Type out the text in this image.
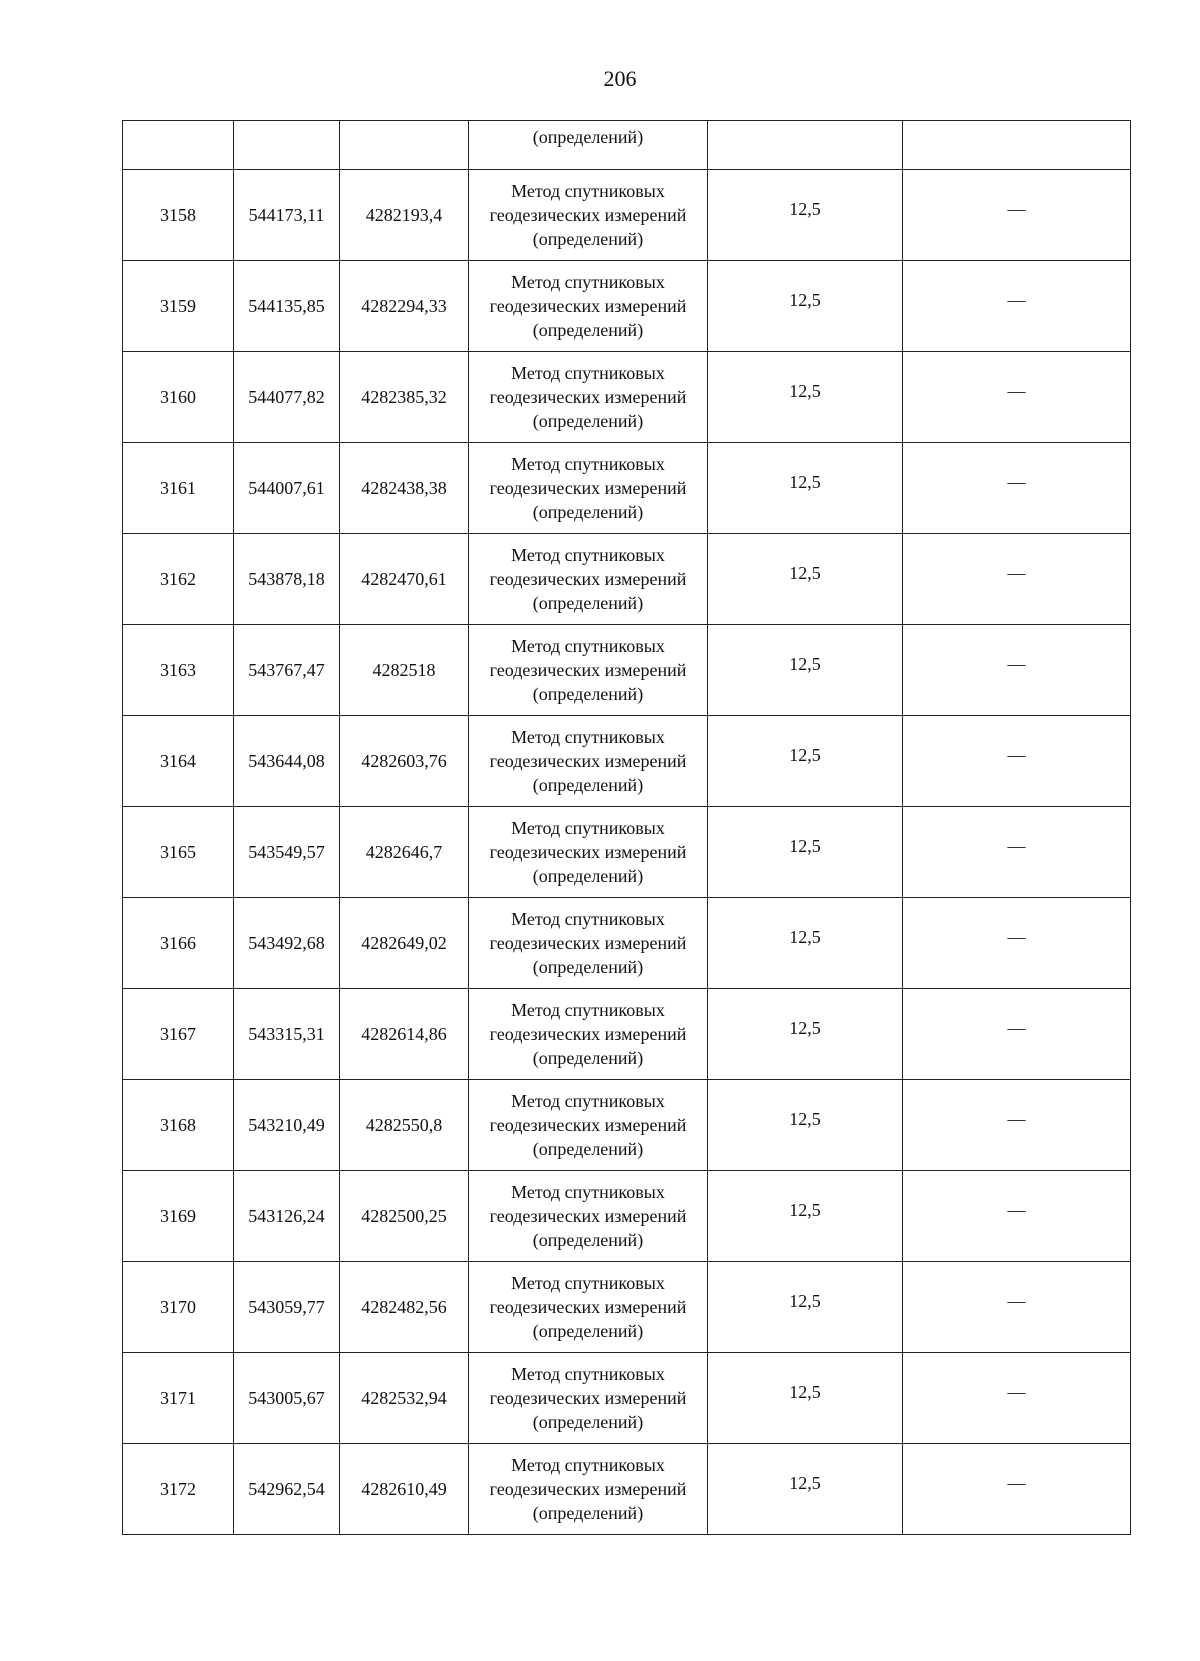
206
			(определений)		
3158	544173,11	4282193,4	Метод спутниковых
геодезических измерений
(определений)	12,5	—
3159	544135,85	4282294,33	Метод спутниковых
геодезических измерений
(определений)	12,5	—
3160	544077,82	4282385,32	Метод спутниковых
геодезических измерений
(определений)	12,5	—
3161	544007,61	4282438,38	Метод спутниковых
геодезических измерений
(определений)	12,5	—
3162	543878,18	4282470,61	Метод спутниковых
геодезических измерений
(определений)	12,5	—
3163	543767,47	4282518	Метод спутниковых
геодезических измерений
(определений)	12,5	—
3164	543644,08	4282603,76	Метод спутниковых
геодезических измерений
(определений)	12,5	—
3165	543549,57	4282646,7	Метод спутниковых
геодезических измерений
(определений)	12,5	—
3166	543492,68	4282649,02	Метод спутниковых
геодезических измерений
(определений)	12,5	—
3167	543315,31	4282614,86	Метод спутниковых
геодезических измерений
(определений)	12,5	—
3168	543210,49	4282550,8	Метод спутниковых
геодезических измерений
(определений)	12,5	—
3169	543126,24	4282500,25	Метод спутниковых
геодезических измерений
(определений)	12,5	—
3170	543059,77	4282482,56	Метод спутниковых
геодезических измерений
(определений)	12,5	—
3171	543005,67	4282532,94	Метод спутниковых
геодезических измерений
(определений)	12,5	—
3172	542962,54	4282610,49	Метод спутниковых
геодезических измерений
(определений)	12,5	—
